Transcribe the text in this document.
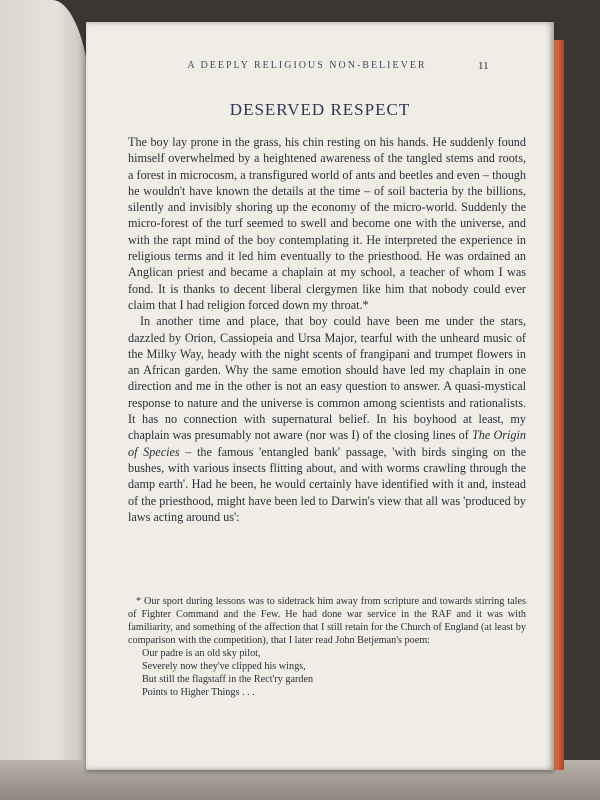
A DEEPLY RELIGIOUS NON-BELIEVER	11
DESERVED RESPECT

The boy lay prone in the grass, his chin resting on his hands. He suddenly found himself overwhelmed by a heightened awareness of the tangled stems and roots, a forest in microcosm, a transfigured world of ants and beetles and even – though he wouldn't have known the details at the time – of soil bacteria by the billions, silently and invisibly shoring up the economy of the micro-world. Suddenly the micro-forest of the turf seemed to swell and become one with the universe, and with the rapt mind of the boy contemplating it. He interpreted the experience in religious terms and it led him eventually to the priesthood. He was ordained an Anglican priest and became a chaplain at my school, a teacher of whom I was fond. It is thanks to decent liberal clergymen like him that nobody could ever claim that I had religion forced down my throat.*

In another time and place, that boy could have been me under the stars, dazzled by Orion, Cassiopeia and Ursa Major, tearful with the unheard music of the Milky Way, heady with the night scents of frangipani and trumpet flowers in an African garden. Why the same emotion should have led my chaplain in one direction and me in the other is not an easy question to answer. A quasi-mystical response to nature and the universe is common among scientists and rationalists. It has no connection with supernatural belief. In his boyhood at least, my chaplain was presumably not aware (nor was I) of the closing lines of The Origin of Species – the famous 'entangled bank' passage, 'with birds singing on the bushes, with various insects flitting about, and with worms crawling through the damp earth'. Had he been, he would certainly have identified with it and, instead of the priesthood, might have been led to Darwin's view that all was 'produced by laws acting around us':

* Our sport during lessons was to sidetrack him away from scripture and towards stirring tales of Fighter Command and the Few. He had done war service in the RAF and it was with familiarity, and something of the affection that I still retain for the Church of England (at least by comparison with the competition), that I later read John Betjeman's poem:

Our padre is an old sky pilot,
Severely now they've clipped his wings,
But still the flagstaff in the Rect'ry garden
Points to Higher Things . . .
